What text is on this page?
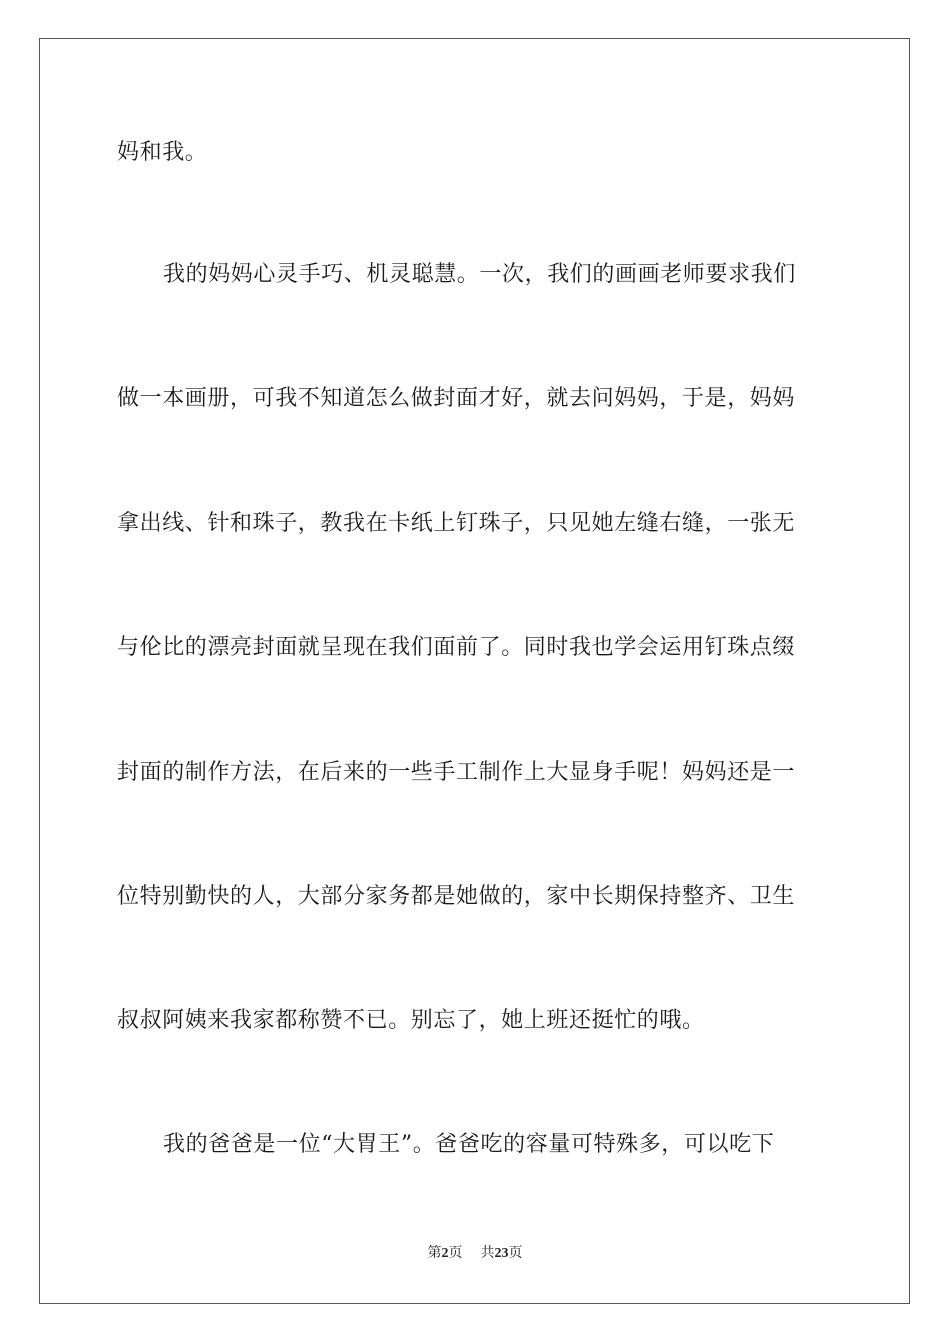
妈和我。
我的妈妈心灵手巧、机灵聪慧。一次，我们的画画老师要求我们
做一本画册，可我不知道怎么做封面才好，就去问妈妈，于是，妈妈
拿出线、针和珠子，教我在卡纸上钉珠子，只见她左缝右缝，一张无
与伦比的漂亮封面就呈现在我们面前了。同时我也学会运用钉珠点缀
封面的制作方法，在后来的一些手工制作上大显身手呢！妈妈还是一
位特别勤快的人，大部分家务都是她做的，家中长期保持整齐、卫生
叔叔阿姨来我家都称赞不已。别忘了，她上班还挺忙的哦。
我的爸爸是一位“大胃王”。爸爸吃的容量可特殊多，可以吃下
第2页 共23页
